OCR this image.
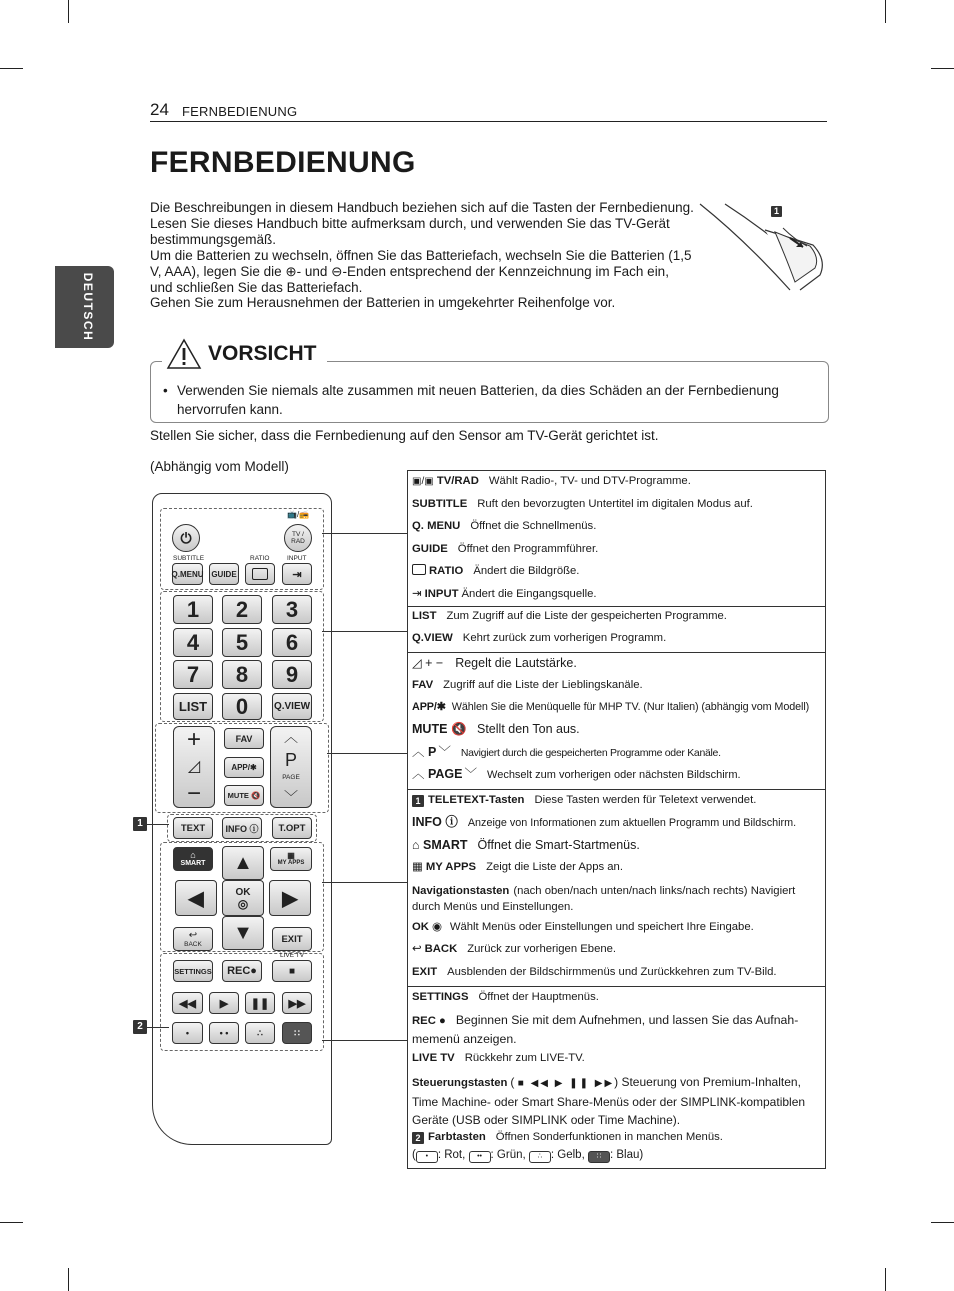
24 FERNBEDIENUNG
DEUTSCH
FERNBEDIENUNG

Die Beschreibungen in diesem Handbuch beziehen sich auf die Tasten der Fernbedienung.

Lesen Sie dieses Handbuch bitte aufmerksam durch, und verwenden Sie das TV-Gerät bestimmungsgemäß.

Um die Batterien zu wechseln, öffnen Sie das Batteriefach, wechseln Sie die Batterien (1,5 V, AAA), legen Sie die ⊕- und ⊖-Enden entsprechend der Kennzeichnung im Fach ein, und schließen Sie das Batteriefach.

Gehen Sie zum Herausnehmen der Batterien in umgekehrter Reihenfolge vor.

1
VORSICHT
• Verwenden Sie niemals alte zusammen mit neuen Batterien, da dies Schäden an der Fernbedienung hervorrufen kann.
Stellen Sie sicher, dass die Fernbedienung auf den Sensor am TV-Gerät gerichtet ist.
(Abhängig vom Modell)
📺/📻
⏻	TV / RAD
SUBTITLE	RATIO	INPUT
Q.MENU GUIDE	⇥
1	2	3
4	5	6
7	8	9
LIST	0	Q.VIEW
+
◿
−
FAV
APP/✱
MUTE 🔇
︿
P
PAGE
﹀
TEXT	INFO ⓘ	T.OPT
⌂
SMART
▦
MY APPS
▲
◀	OK
◎	▶
▼
↩
BACK	EXIT
LIVE TV
SETTINGS	REC●	■
◀◀	▶	❚❚	▶▶
•	• •	∴	∷
1
2
▣/▣ TV/RAD Wählt Radio-, TV- und DTV-Programme.
SUBTITLE Ruft den bevorzugten Untertitel im digitalen Modus auf.
Q. MENU Öffnet die Schnellmenüs.
GUIDE Öffnet den Programmführer.
RATIO Ändert die Bildgröße.
⇥ INPUT Ändert die Eingangsquelle.
LIST Zum Zugriff auf die Liste der gespeicherten Programme.
Q.VIEW Kehrt zurück zum vorherigen Programm.
◿ + − Regelt die Lautstärke.
FAV Zugriff auf die Liste der Lieblingskanäle.
APP/✱ Wählen Sie die Menüquelle für MHP TV. (Nur Italien) (abhängig vom Modell)
MUTE 🔇 Stellt den Ton aus.
︿ P ﹀ Navigiert durch die gespeicherten Programme oder Kanäle.
︿ PAGE ﹀ Wechselt zum vorherigen oder nächsten Bildschirm.
1 TELETEXT-Tasten Diese Tasten werden für Teletext verwendet.
INFO ⓘ Anzeige von Informationen zum aktuellen Programm und Bildschirm.
⌂ SMART Öffnet die Smart-Startmenüs.
▦ MY APPS Zeigt die Liste der Apps an.
Navigationstasten (nach oben/nach unten/nach links/nach rechts) Navigiert durch Menüs und Einstellungen.
OK ◉ Wählt Menüs oder Einstellungen und speichert Ihre Eingabe.
↩ BACK Zurück zur vorherigen Ebene.
EXIT Ausblenden der Bildschirmmenüs und Zurückkehren zum TV-Bild.
SETTINGS Öffnet der Hauptmenüs.
REC ● Beginnen Sie mit dem Aufnehmen, und lassen Sie das Aufnah-memenü anzeigen.
LIVE TV Rückkehr zum LIVE-TV.
Steuerungstasten ( ■ ◀◀ ▶ ❚❚ ▶▶) Steuerung von Premium-Inhalten, Time Machine- oder Smart Share-Menüs oder der SIMPLINK-kompatiblen Geräte (USB oder SIMPLINK oder Time Machine).
2 Farbtasten Öffnen Sonderfunktionen in manchen Menüs.
( • : Rot, •• : Grün, ∴ : Gelb, ∷ : Blau)
